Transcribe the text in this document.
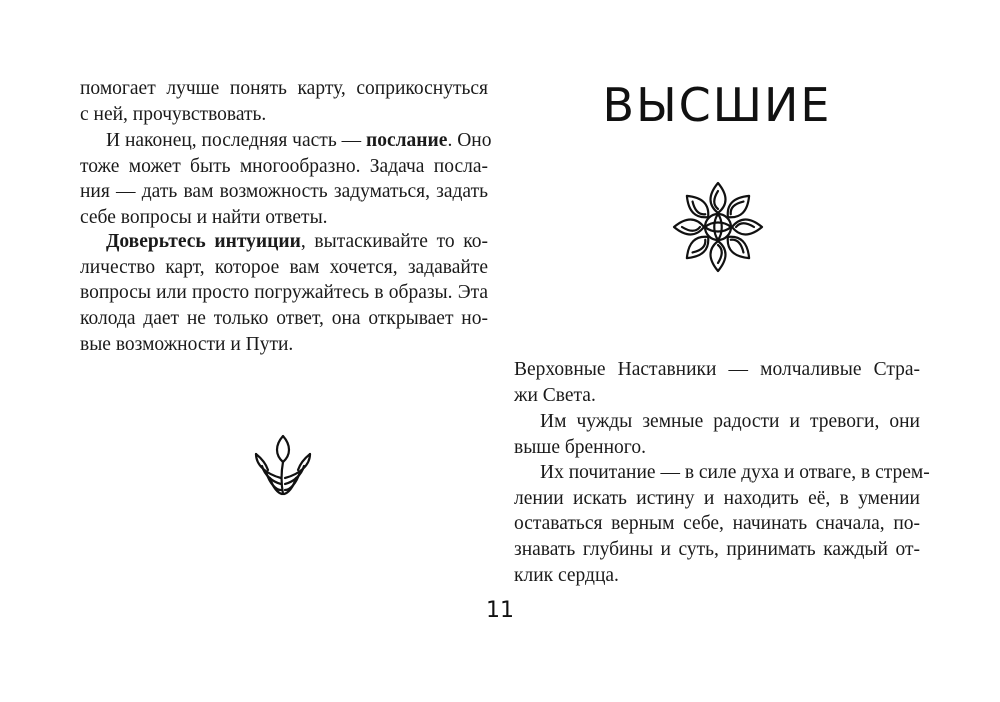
помогает лучше понять карту, соприкоснуться
с ней, прочувствовать.

И наконец, последняя часть — послание. Оно
тоже может быть многообразно. Задача посла-
ния — дать вам возможность задуматься, задать
себе вопросы и найти ответы.

Доверьтесь интуиции, вытаскивайте то ко-
личество карт, которое вам хочется, задавайте
вопросы или просто погружайтесь в образы. Эта
колода дает не только ответ, она открывает но-
вые возможности и Пути.

ВЫСШИЕ

Верховные Наставники — молчаливые Стра-
жи Света.

Им чужды земные радости и тревоги, они
выше бренного.

Их почитание — в силе духа и отваге, в стрем-
лении искать истину и находить её, в умении
оставаться верным себе, начинать сначала, по-
знавать глубины и суть, принимать каждый от-
клик сердца.

11
